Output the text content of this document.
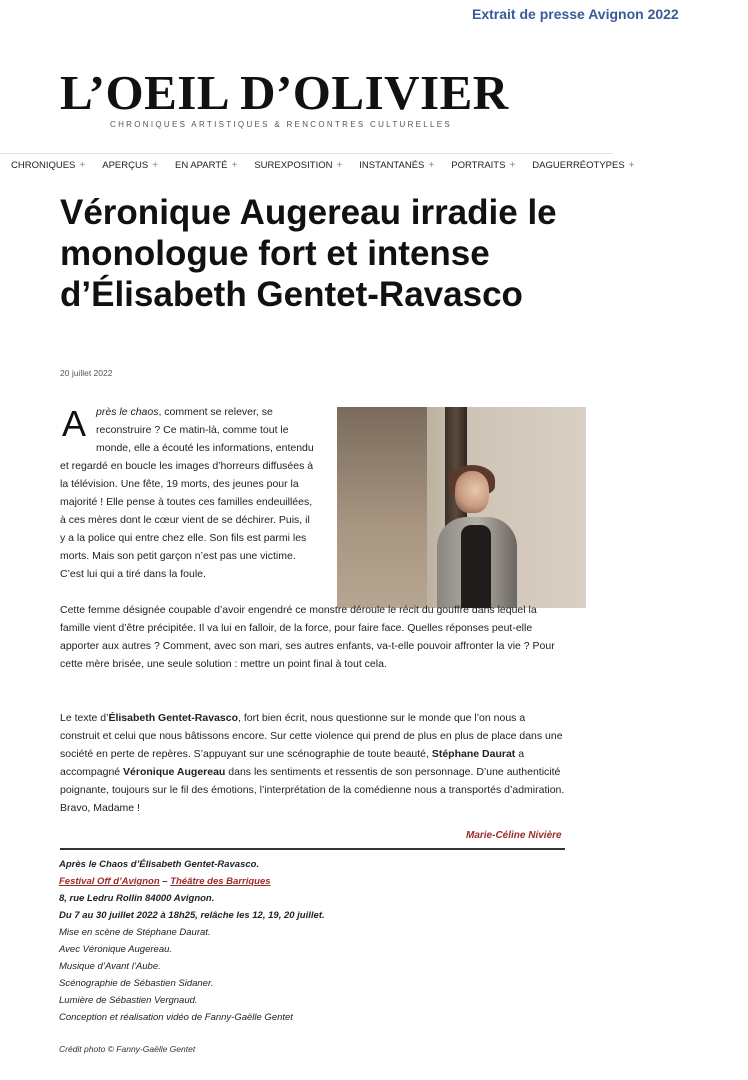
Extrait de presse Avignon 2022
L’OEIL D’OLIVIER
CHRONIQUES ARTISTIQUES & RENCONTRES CULTURELLES
CHRONIQUES + APERÇUS + EN APARTÉ + SUREXPOSITION + INSTANTANÉS + PORTRAITS + DAGUERRÉOTYPES +
Véronique Augereau irradie le monologue fort et intense d’Élisabeth Gentet-Ravasco
20 juillet 2022

Après le chaos, comment se relever, se reconstruire ? Ce matin-là, comme tout le monde, elle a écouté les informations, entendu et regardé en boucle les images d’horreurs diffusées à la télévision. Une fête, 19 morts, des jeunes pour la majorité ! Elle pense à toutes ces familles endeuillées, à ces mères dont le cœur vient de se déchirer. Puis, il y a la police qui entre chez elle. Son fils est parmi les morts. Mais son petit garçon n’est pas une victime. C’est lui qui a tiré dans la foule.

Cette femme désignée coupable d’avoir engendré ce monstre déroule le récit du gouffre dans lequel la famille vient d’être précipitée. Il va lui en falloir, de la force, pour faire face. Quelles réponses peut-elle apporter aux autres ? Comment, avec son mari, ses autres enfants, va-t-elle pouvoir affronter la vie ? Pour cette mère brisée, une seule solution : mettre un point final à tout cela.

Le texte d’Élisabeth Gentet-Ravasco, fort bien écrit, nous questionne sur le monde que l’on nous a construit et celui que nous bâtissons encore. Sur cette violence qui prend de plus en plus de place dans une société en perte de repères. S’appuyant sur une scénographie de toute beauté, Stéphane Daurat a accompagné Véronique Augereau dans les sentiments et ressentis de son personnage. D’une authenticité poignante, toujours sur le fil des émotions, l’interprétation de la comédienne nous a transportés d’admiration. Bravo, Madame !

Marie-Céline Nivière
Après le Chaos d’Élisabeth Gentet-Ravasco.
Festival Off d’Avignon – Théâtre des Barriques
8, rue Ledru Rollin 84000 Avignon.
Du 7 au 30 juillet 2022 à 18h25, relâche les 12, 19, 20 juillet.
Mise en scène de Stéphane Daurat.
Avec Véronique Augereau.
Musique d’Avant l’Aube.
Scénographie de Sébastien Sidaner.
Lumière de Sébastien Vergnaud.
Conception et réalisation vidéo de Fanny-Gaëlle Gentet
Crédit photo © Fanny-Gaëlle Gentet
